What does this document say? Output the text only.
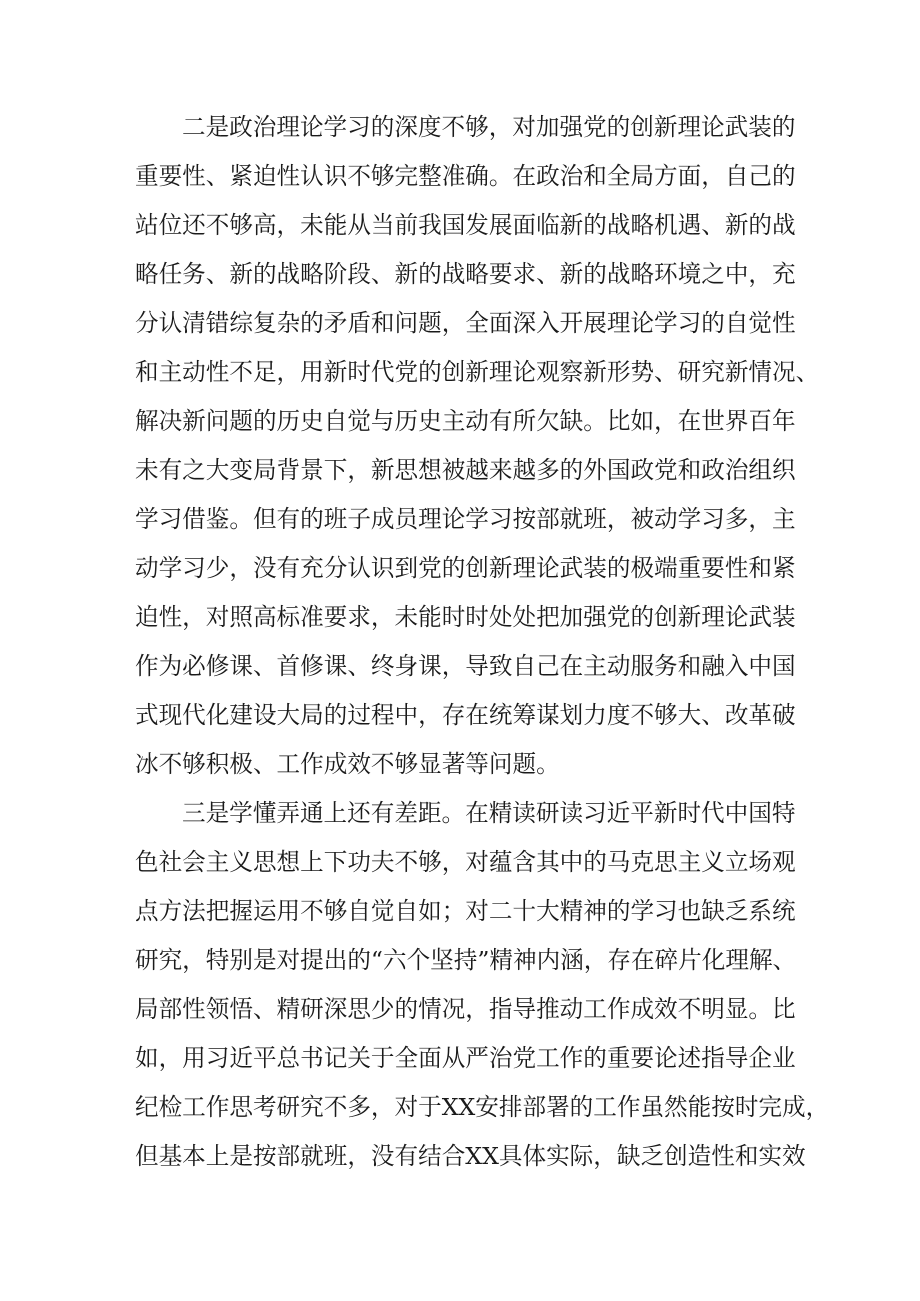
二是政治理论学习的深度不够，对加强党的创新理论武装的

重要性、紧迫性认识不够完整准确。在政治和全局方面，自己的

站位还不够高，未能从当前我国发展面临新的战略机遇、新的战

略任务、新的战略阶段、新的战略要求、新的战略环境之中，充

分认清错综复杂的矛盾和问题，全面深入开展理论学习的自觉性

和主动性不足，用新时代党的创新理论观察新形势、研究新情况、

解决新问题的历史自觉与历史主动有所欠缺。比如，在世界百年

未有之大变局背景下，新思想被越来越多的外国政党和政治组织

学习借鉴。但有的班子成员理论学习按部就班，被动学习多，主

动学习少，没有充分认识到党的创新理论武装的极端重要性和紧

迫性，对照高标准要求，未能时时处处把加强党的创新理论武装

作为必修课、首修课、终身课，导致自己在主动服务和融入中国

式现代化建设大局的过程中，存在统筹谋划力度不够大、改革破

冰不够积极、工作成效不够显著等问题。

三是学懂弄通上还有差距。在精读研读习近平新时代中国特

色社会主义思想上下功夫不够，对蕴含其中的马克思主义立场观

点方法把握运用不够自觉自如；对二十大精神的学习也缺乏系统

研究，特别是对提出的“六个坚持”精神内涵，存在碎片化理解、

局部性领悟、精研深思少的情况，指导推动工作成效不明显。比

如，用习近平总书记关于全面从严治党工作的重要论述指导企业

纪检工作思考研究不多，对于XX安排部署的工作虽然能按时完成，

但基本上是按部就班，没有结合XX具体实际，缺乏创造性和实效
